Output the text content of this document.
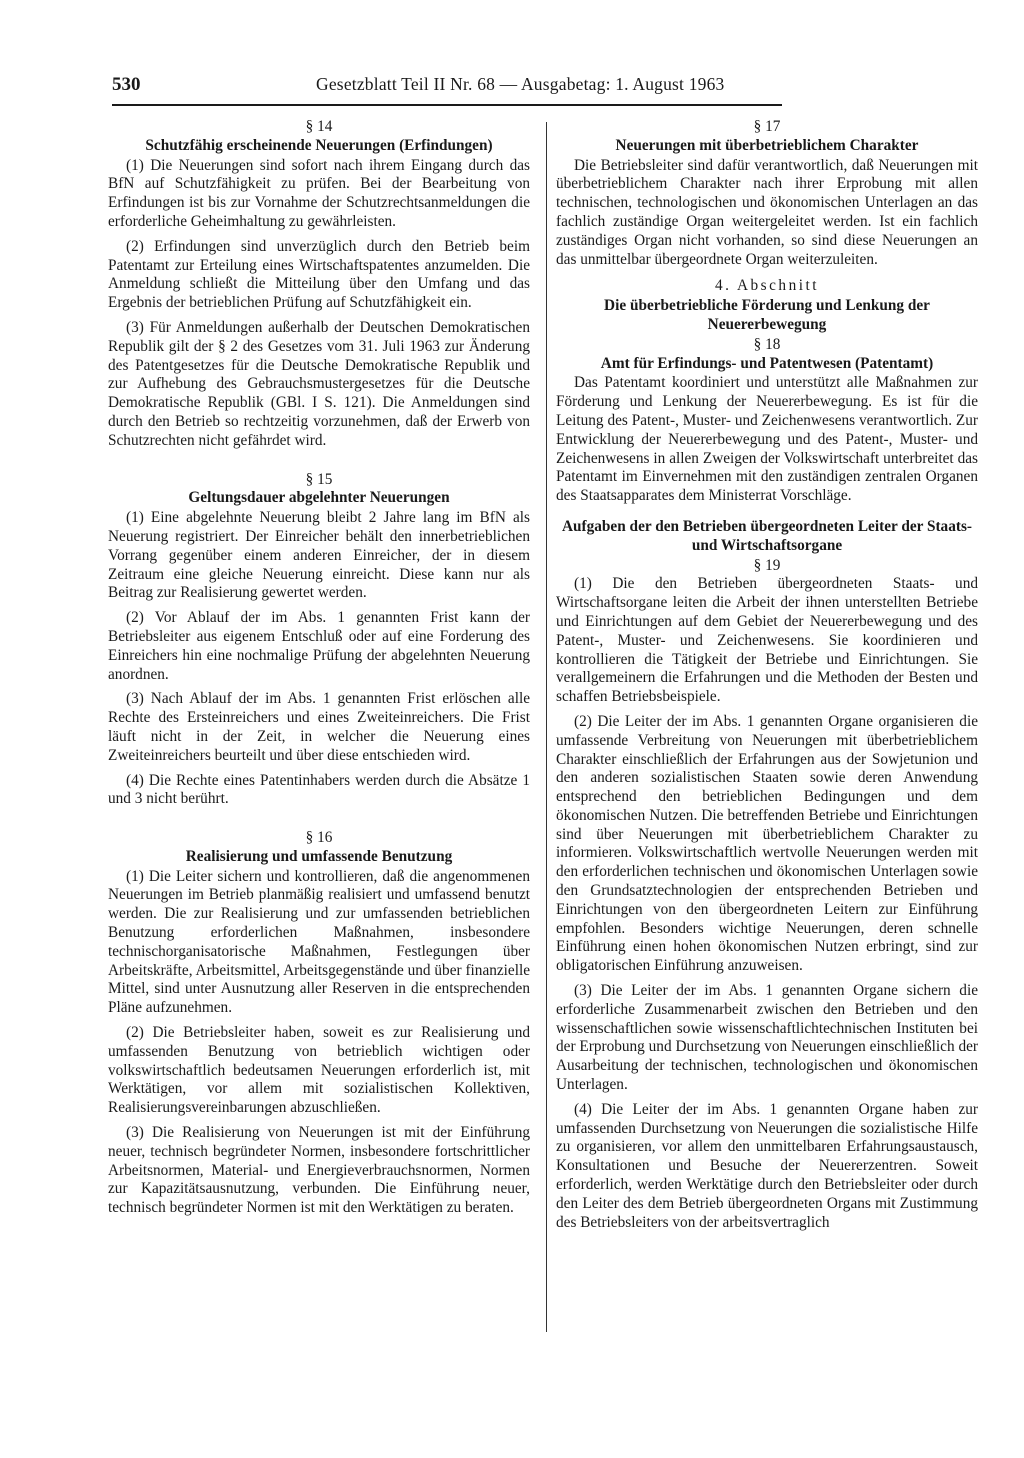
530	Gesetzblatt Teil II Nr. 68 — Ausgabetag: 1. August 1963
§ 14
Schutzfähig erscheinende Neuerungen (Erfindungen)

(1) Die Neuerungen sind sofort nach ihrem Eingang durch das BfN auf Schutzfähigkeit zu prüfen. Bei der Bearbeitung von Erfindungen ist bis zur Vornahme der Schutzrechtsanmeldungen die erforderliche Geheimhaltung zu gewährleisten.

(2) Erfindungen sind unverzüglich durch den Betrieb beim Patentamt zur Erteilung eines Wirtschaftspatentes anzumelden. Die Anmeldung schließt die Mitteilung über den Umfang und das Ergebnis der betrieblichen Prüfung auf Schutzfähigkeit ein.

(3) Für Anmeldungen außerhalb der Deutschen Demokratischen Republik gilt der § 2 des Gesetzes vom 31. Juli 1963 zur Änderung des Patentgesetzes für die Deutsche Demokratische Republik und zur Aufhebung des Gebrauchsmustergesetzes für die Deutsche Demokratische Republik (GBl. I S. 121). Die Anmeldungen sind durch den Betrieb so rechtzeitig vorzunehmen, daß der Erwerb von Schutzrechten nicht gefährdet wird.

§ 15
Geltungsdauer abgelehnter Neuerungen

(1) Eine abgelehnte Neuerung bleibt 2 Jahre lang im BfN als Neuerung registriert. Der Einreicher behält den innerbetrieblichen Vorrang gegenüber einem anderen Einreicher, der in diesem Zeitraum eine gleiche Neuerung einreicht. Diese kann nur als Beitrag zur Realisierung gewertet werden.

(2) Vor Ablauf der im Abs. 1 genannten Frist kann der Betriebsleiter aus eigenem Entschluß oder auf eine Forderung des Einreichers hin eine nochmalige Prüfung der abgelehnten Neuerung anordnen.

(3) Nach Ablauf der im Abs. 1 genannten Frist erlöschen alle Rechte des Ersteinreichers und eines Zweiteinreichers. Die Frist läuft nicht in der Zeit, in welcher die Neuerung eines Zweiteinreichers beurteilt und über diese entschieden wird.

(4) Die Rechte eines Patentinhabers werden durch die Absätze 1 und 3 nicht berührt.

§ 16
Realisierung und umfassende Benutzung

(1) Die Leiter sichern und kontrollieren, daß die angenommenen Neuerungen im Betrieb planmäßig realisiert und umfassend benutzt werden. Die zur Realisierung und zur umfassenden betrieblichen Benutzung erforderlichen Maßnahmen, insbesondere technischorganisatorische Maßnahmen, Festlegungen über Arbeitskräfte, Arbeitsmittel, Arbeitsgegenstände und über finanzielle Mittel, sind unter Ausnutzung aller Reserven in die entsprechenden Pläne aufzunehmen.

(2) Die Betriebsleiter haben, soweit es zur Realisierung und umfassenden Benutzung von betrieblich wichtigen oder volkswirtschaftlich bedeutsamen Neuerungen erforderlich ist, mit Werktätigen, vor allem mit sozialistischen Kollektiven, Realisierungsvereinbarungen abzuschließen.

(3) Die Realisierung von Neuerungen ist mit der Einführung neuer, technisch begründeter Normen, insbesondere fortschrittlicher Arbeitsnormen, Material- und Energieverbrauchsnormen, Normen zur Kapazitätsausnutzung, verbunden. Die Einführung neuer, technisch begründeter Normen ist mit den Werktätigen zu beraten.

§ 17
Neuerungen mit überbetrieblichem Charakter

Die Betriebsleiter sind dafür verantwortlich, daß Neuerungen mit überbetrieblichem Charakter nach ihrer Erprobung mit allen technischen, technologischen und ökonomischen Unterlagen an das fachlich zuständige Organ weitergeleitet werden. Ist ein fachlich zuständiges Organ nicht vorhanden, so sind diese Neuerungen an das unmittelbar übergeordnete Organ weiterzuleiten.

4. Abschnitt
Die überbetriebliche Förderung und Lenkung der Neuererbewegung
§ 18
Amt für Erfindungs- und Patentwesen (Patentamt)

Das Patentamt koordiniert und unterstützt alle Maßnahmen zur Förderung und Lenkung der Neuererbewegung. Es ist für die Leitung des Patent-, Muster- und Zeichenwesens verantwortlich. Zur Entwicklung der Neuererbewegung und des Patent-, Muster- und Zeichenwesens in allen Zweigen der Volkswirtschaft unterbreitet das Patentamt im Einvernehmen mit den zuständigen zentralen Organen des Staatsapparates dem Ministerrat Vorschläge.

Aufgaben der den Betrieben übergeordneten Leiter der Staats- und Wirtschaftsorgane
§ 19

(1) Die den Betrieben übergeordneten Staats- und Wirtschaftsorgane leiten die Arbeit der ihnen unterstellten Betriebe und Einrichtungen auf dem Gebiet der Neuererbewegung und des Patent-, Muster- und Zeichenwesens. Sie koordinieren und kontrollieren die Tätigkeit der Betriebe und Einrichtungen. Sie verallgemeinern die Erfahrungen und die Methoden der Besten und schaffen Betriebsbeispiele.

(2) Die Leiter der im Abs. 1 genannten Organe organisieren die umfassende Verbreitung von Neuerungen mit überbetrieblichem Charakter einschließlich der Erfahrungen aus der Sowjetunion und den anderen sozialistischen Staaten sowie deren Anwendung entsprechend den betrieblichen Bedingungen und dem ökonomischen Nutzen. Die betreffenden Betriebe und Einrichtungen sind über Neuerungen mit überbetrieblichem Charakter zu informieren. Volkswirtschaftlich wertvolle Neuerungen werden mit den erforderlichen technischen und ökonomischen Unterlagen sowie den Grundsatztechnologien der entsprechenden Betrieben und Einrichtungen von den übergeordneten Leitern zur Einführung empfohlen. Besonders wichtige Neuerungen, deren schnelle Einführung einen hohen ökonomischen Nutzen erbringt, sind zur obligatorischen Einführung anzuweisen.

(3) Die Leiter der im Abs. 1 genannten Organe sichern die erforderliche Zusammenarbeit zwischen den Betrieben und den wissenschaftlichen sowie wissenschaftlichtechnischen Instituten bei der Erprobung und Durchsetzung von Neuerungen einschließlich der Ausarbeitung der technischen, technologischen und ökonomischen Unterlagen.

(4) Die Leiter der im Abs. 1 genannten Organe haben zur umfassenden Durchsetzung von Neuerungen die sozialistische Hilfe zu organisieren, vor allem den unmittelbaren Erfahrungsaustausch, Konsultationen und Besuche der Neuererzentren. Soweit erforderlich, werden Werktätige durch den Betriebsleiter oder durch den Leiter des dem Betrieb übergeordneten Organs mit Zustimmung des Betriebsleiters von der arbeitsvertraglich
